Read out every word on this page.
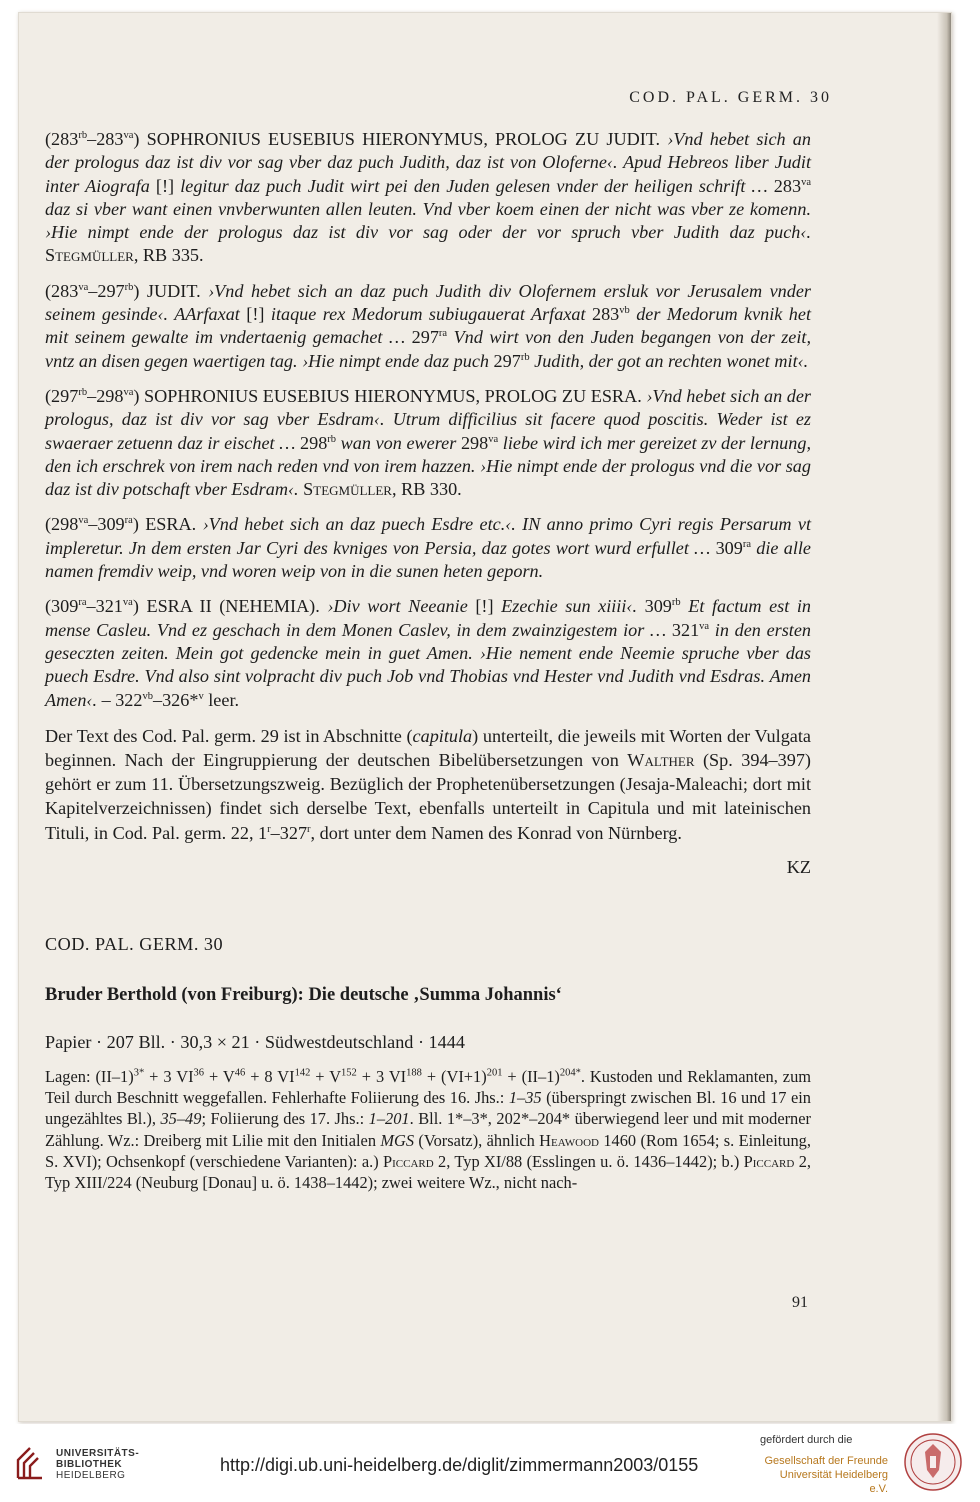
COD. PAL. GERM. 30

$(283^{rb}-283^{va})$ SOPHRONIUS EUSEBIUS HIERONYMUS, PROLOG ZU JUDIT. ›Vnd hebet sich an der prologus daz ist div vor sag vber daz puch Judith, daz ist von Oloferne‹. Apud Hebreos liber Judit inter Aiografa [!] legitur daz puch Judit wirt pei den Juden gelesen vnder der heiligen schrift … $283^{va}$ daz si vber want einen vnvberwunten allen leuten. Vnd vber koem einen der nicht was vber ze komenn. ›Hie nimpt ende der prologus daz ist div vor sag oder der vor spruch vber Judith daz puch‹. Stegmüller, RB 335.

$(283^{va}-297^{rb})$ JUDIT. ›Vnd hebet sich an daz puch Judith div Olofernem ersluk vor Jerusalem vnder seinem gesinde‹. AArfaxat [!] itaque rex Medorum subiugauerat Arfaxat $283^{vb}$ der Medorum kvnik het mit seinem gewalte im vndertaenig gemachet … $297^{ra}$ Vnd wirt von den Juden begangen von der zeit, vntz an disen gegen waertigen tag. ›Hie nimpt ende daz puch $297^{rb}$ Judith, der got an rechten wonet mit‹.

$(297^{rb}-298^{va})$ SOPHRONIUS EUSEBIUS HIERONYMUS, PROLOG ZU ESRA. ›Vnd hebet sich an der prologus, daz ist div vor sag vber Esdram‹. Utrum difficilius sit facere quod poscitis. Weder ist ez swaeraer zetuenn daz ir eischet … $298^{rb}$ wan von ewerer $298^{va}$ liebe wird ich mer gereizet zv der lernung, den ich erschrek von irem nach reden vnd von irem hazzen. ›Hie nimpt ende der prologus vnd die vor sag daz ist div potschaft vber Esdram‹. Stegmüller, RB 330.

$(298^{va}-309^{ra})$ ESRA. ›Vnd hebet sich an daz puech Esdre etc.‹. IN anno primo Cyri regis Persarum vt impleretur. Jn dem ersten Jar Cyri des kvniges von Persia, daz gotes wort wurd erfullet … $309^{ra}$ die alle namen fremdiv weip, vnd woren weip von in die sunen heten geporn.

$(309^{ra}-321^{va})$ ESRA II (NEHEMIA). ›Div wort Neeanie [!] Ezechie sun xiiii‹. $309^{rb}$ Et factum est in mense Casleu. Vnd ez geschach in dem Monen Caslev, in dem zwainzigestem ior … $321^{va}$ in den ersten geseczten zeiten. Mein got gedencke mein in guet Amen. ›Hie nement ende Neemie spruche vber das puech Esdre. Vnd also sint volpracht div puch Job vnd Thobias vnd Hester vnd Judith vnd Esdras. Amen Amen‹. – $322^{vb}-326*^v$ leer.

Der Text des Cod. Pal. germ. 29 ist in Abschnitte (capitula) unterteilt, die jeweils mit Worten der Vulgata beginnen. Nach der Eingruppierung der deutschen Bibelübersetzungen von Walther (Sp. 394–397) gehört er zum 11. Übersetzungszweig. Bezüglich der Prophetenübersetzungen (Jesaja-Maleachi; dort mit Kapitelverzeichnissen) findet sich derselbe Text, ebenfalls unterteilt in Capitula und mit lateinischen Tituli, in Cod. Pal. germ. 22, 1$^r$–327$^r$, dort unter dem Namen des Konrad von Nürnberg.

KZ
COD. PAL. GERM. 30
Bruder Berthold (von Freiburg): Die deutsche ‚Summa Johannis‘
Papier · 207 Bll. · 30,3 × 21 · Südwestdeutschland · 1444

Lagen: $(II-1)^{3*} + 3$ $VI^{36} + V^{46} + 8$ $VI^{142} + V^{152} + 3$ $VI^{188} + (VI+1)^{201} + (II-1)^{204*}$. Kustoden und Reklamanten, zum Teil durch Beschnitt weggefallen. Fehlerhafte Foliierung des 16. Jhs.: 1–35 (überspringt zwischen Bl. 16 und 17 ein ungezähltes Bl.), 35–49; Foliierung des 17. Jhs.: 1–201. Bll. 1*–3*, 202*–204* überwiegend leer und mit moderner Zählung. Wz.: Dreiberg mit Lilie mit den Initialen MGS (Vorsatz), ähnlich Heawood 1460 (Rom 1654; s. Einleitung, S. XVI); Ochsenkopf (verschiedene Varianten): a.) Piccard 2, Typ XI/88 (Esslingen u. ö. 1436–1442); b.) Piccard 2, Typ XIII/224 (Neuburg [Donau] u. ö. 1438–1442); zwei weitere Wz., nicht nach-

91
UNIVERSITÄTS-
BIBLIOTHEK
HEIDELBERG
http://digi.ub.uni-heidelberg.de/diglit/zimmermann2003/0155
gefördert durch die
Gesellschaft der Freunde
Universität Heidelberg e.V.
